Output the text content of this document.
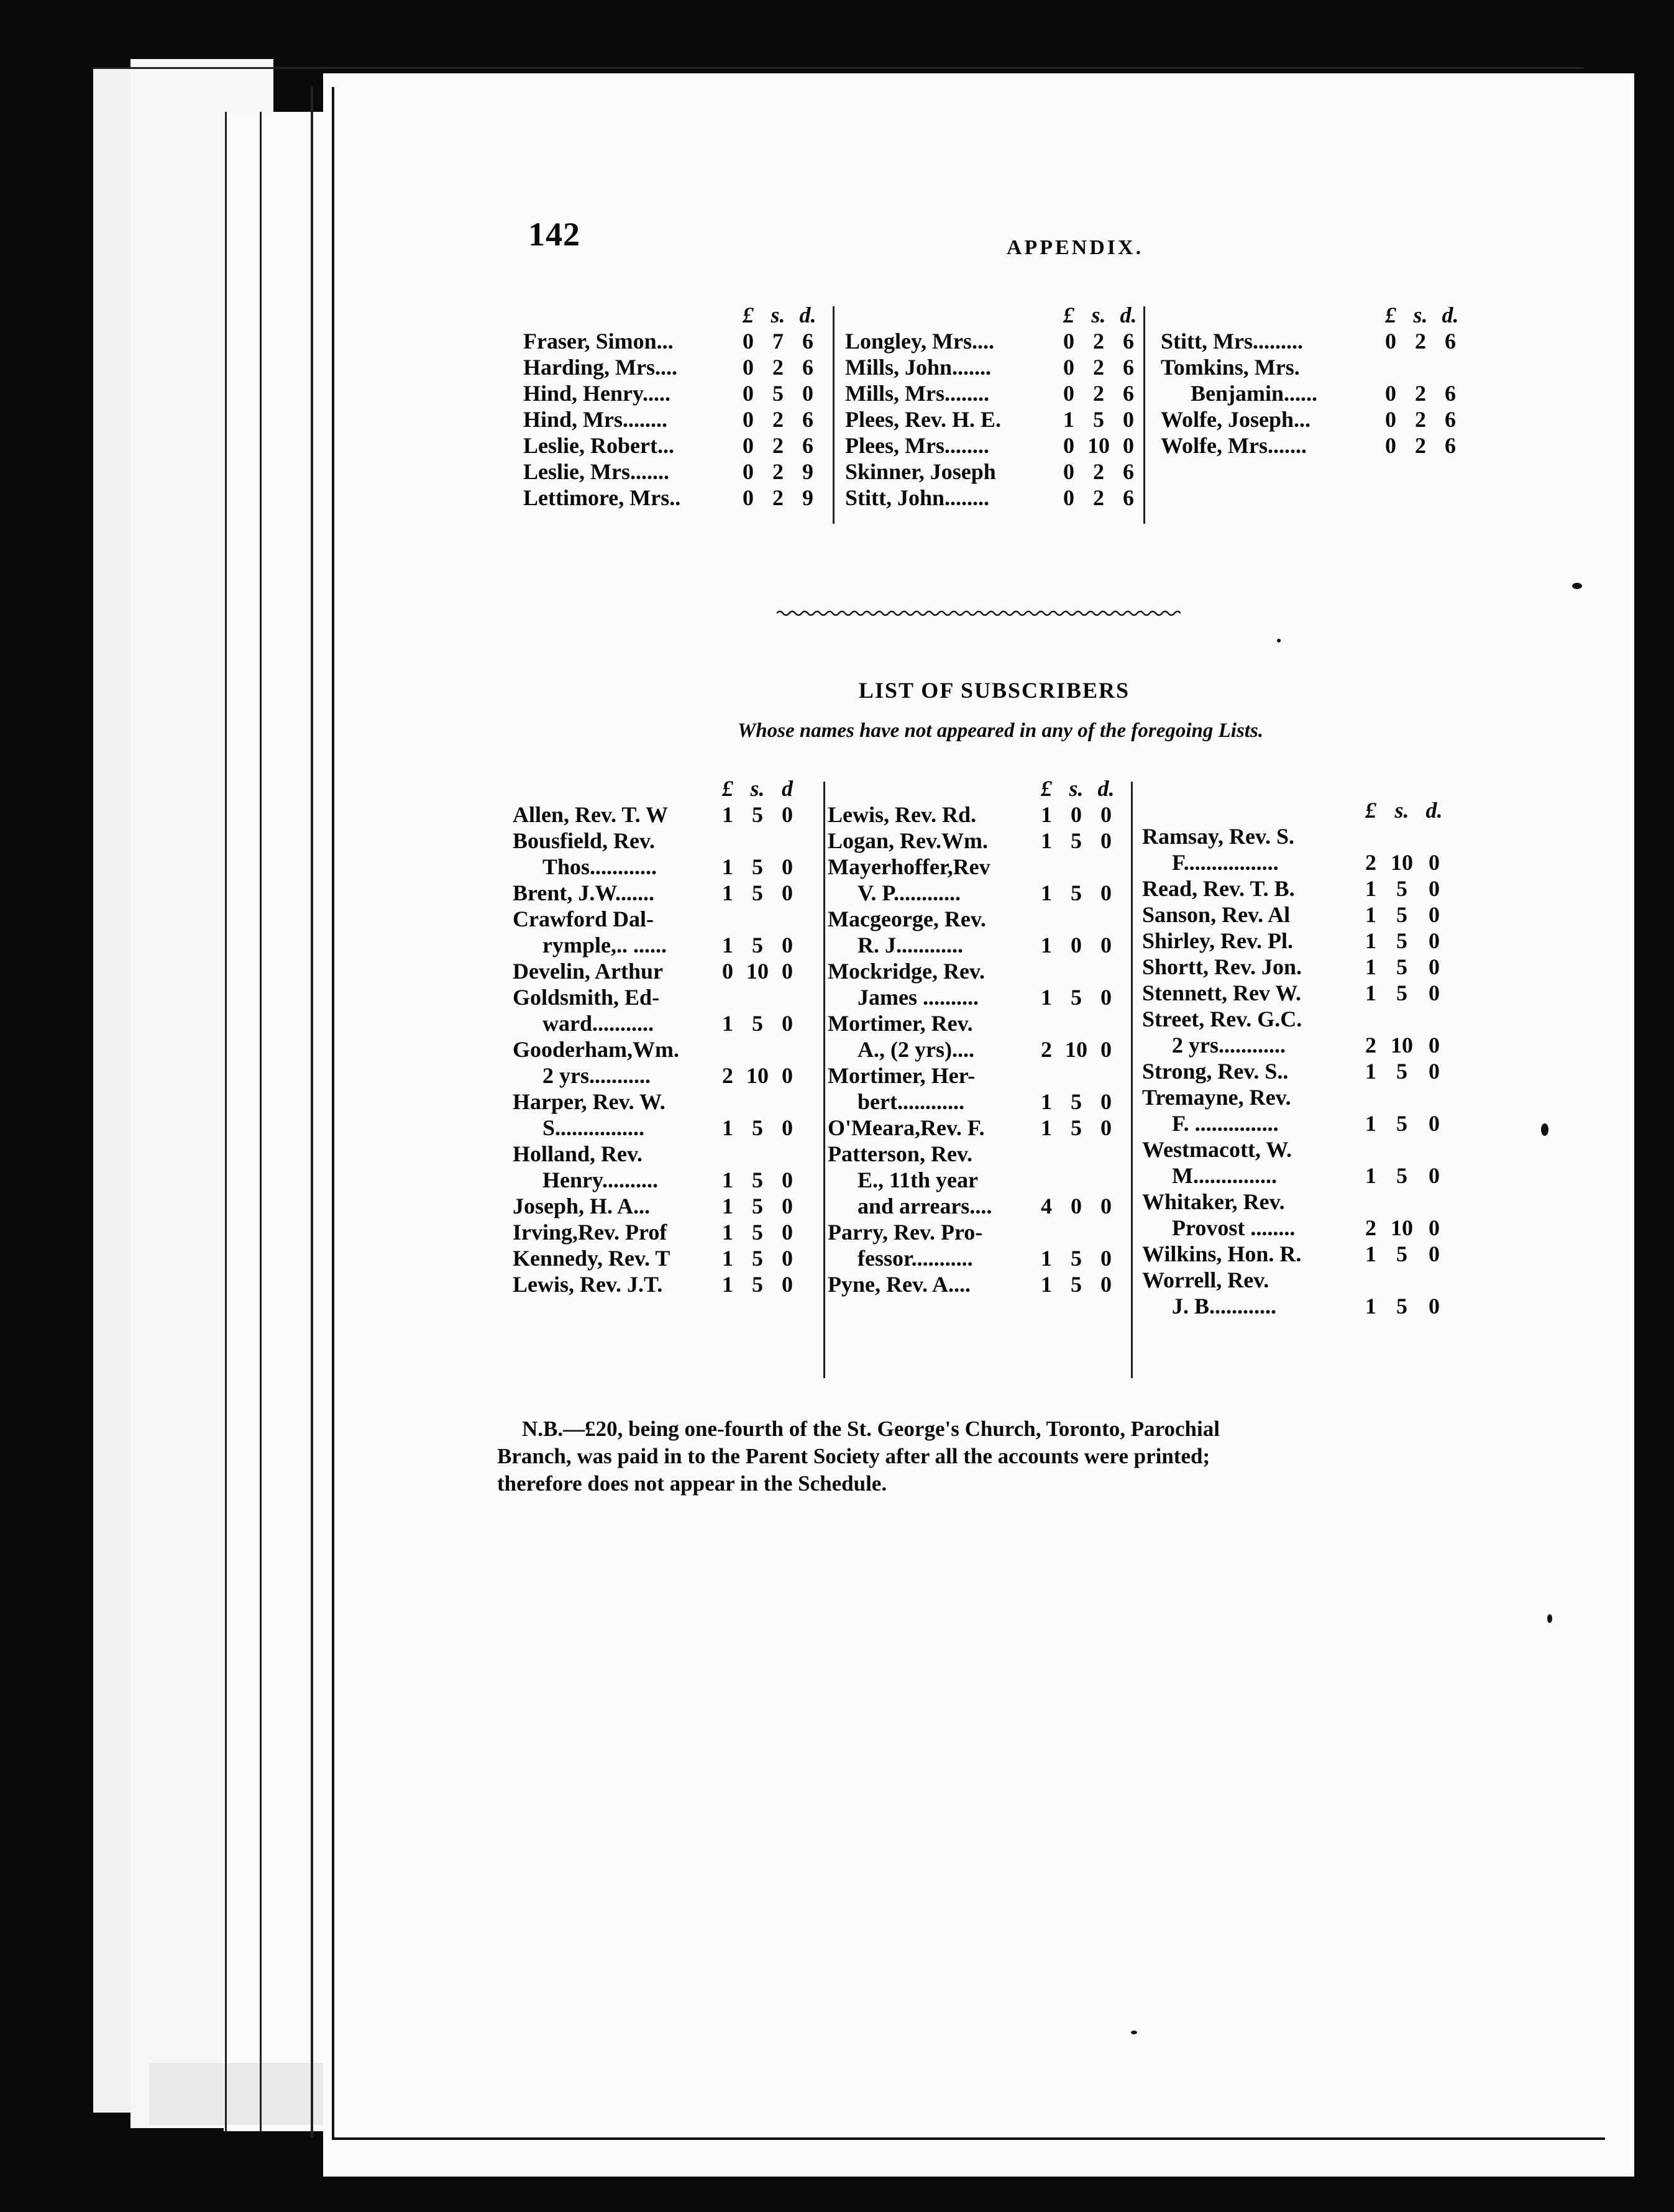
142	APPENDIX.
£ s. d.
Fraser, Simon...	0 7 6
Harding, Mrs....	0 2 6
Hind, Henry.....	0 5 0
Hind, Mrs........	0 2 6
Leslie, Robert...	0 2 6
Leslie, Mrs.......	0 2 9
Lettimore, Mrs..	0 2 9
£ s. d.
Longley, Mrs....	0 2 6
Mills, John.......	0 2 6
Mills, Mrs........	0 2 6
Plees, Rev. H. E.	1 5 0
Plees, Mrs........	0 10 0
Skinner, Joseph	0 2 6
Stitt, John........	0 2 6
£ s. d.
Stitt, Mrs.........	0 2 6
Tomkins, Mrs.
Benjamin......	0 2 6
Wolfe, Joseph...	0 2 6
Wolfe, Mrs.......	0 2 6
LIST OF SUBSCRIBERS
Whose names have not appeared in any of the foregoing Lists.
£ s. d
Allen, Rev. T. W	1 5 0
Bousfield, Rev.
Thos............	1 5 0
Brent, J.W.......	1 5 0
Crawford Dal-
rymple,.. ......	1 5 0
Develin, Arthur	0 10 0
Goldsmith, Ed-
ward...........	1 5 0
Gooderham,Wm.
2 yrs...........	2 10 0
Harper, Rev. W.
S................	1 5 0
Holland, Rev.
Henry..........	1 5 0
Joseph, H. A...	1 5 0
Irving,Rev. Prof	1 5 0
Kennedy, Rev. T	1 5 0
Lewis, Rev. J.T.	1 5 0
£ s. d.
Lewis, Rev. Rd.	1 0 0
Logan, Rev.Wm.	1 5 0
Mayerhoffer,Rev
V. P............	1 5 0
Macgeorge, Rev.
R. J............	1 0 0
Mockridge, Rev.
James ..........	1 5 0
Mortimer, Rev.
A., (2 yrs)....	2 10 0
Mortimer, Her-
bert............	1 5 0
O'Meara,Rev. F.	1 5 0
Patterson, Rev.
E., 11th year
and arrears....	4 0 0
Parry, Rev. Pro-
fessor...........	1 5 0
Pyne, Rev. A....	1 5 0
£ s. d.
Ramsay, Rev. S.
F.................	2 10 0
Read, Rev. T. B.	1 5 0
Sanson, Rev. Al	1 5 0
Shirley, Rev. Pl.	1 5 0
Shortt, Rev. Jon.	1 5 0
Stennett, Rev W.	1 5 0
Street, Rev. G.C.
2 yrs............	2 10 0
Strong, Rev. S..	1 5 0
Tremayne, Rev.
F. ...............	1 5 0
Westmacott, W.
M...............	1 5 0
Whitaker, Rev.
Provost ........	2 10 0
Wilkins, Hon. R.	1 5 0
Worrell, Rev.
J. B............	1 5 0
N.B.—£20, being one-fourth of the St. George's Church, Toronto, Parochial
Branch, was paid in to the Parent Society after all the accounts were printed;
therefore does not appear in the Schedule.
